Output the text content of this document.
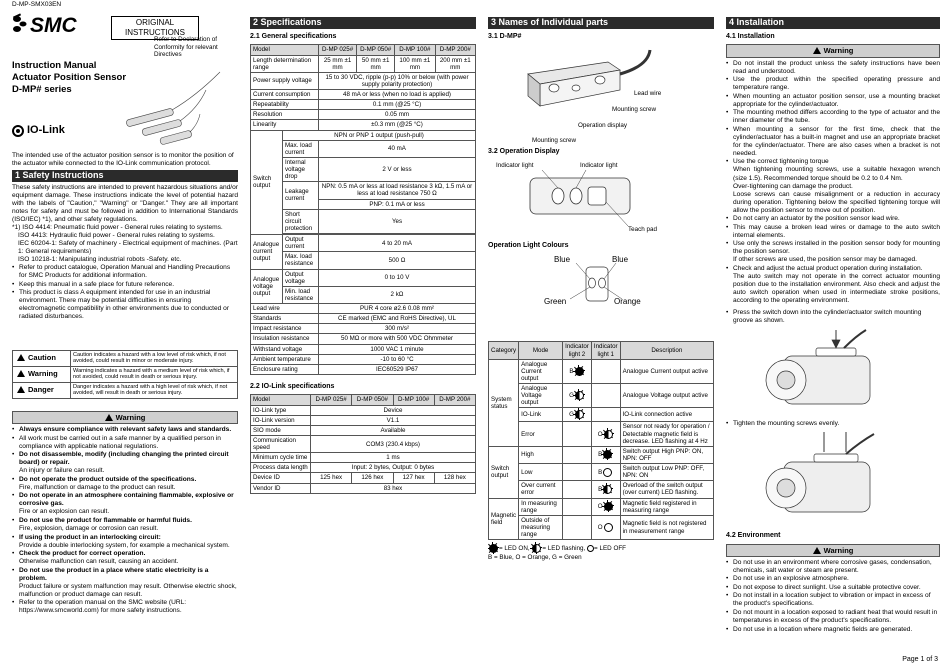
D-MP-SMX03EN
SMC	ORIGINAL INSTRUCTIONS
Refer to Declaration of Conformity for relevant Directives
Instruction Manual
Actuator Position Sensor
D-MP# series
IO-Link
The intended use of the actuator position sensor is to monitor the position of the actuator while connected to the IO-Link communication protocol.
1 Safety Instructions
These safety instructions are intended to prevent hazardous situations and/or equipment damage. These instructions indicate the level of potential hazard with the labels of "Caution," "Warning" or "Danger." They are all important notes for safety and must be followed in addition to International Standards (ISO/IEC) *1), and other safety regulations.
*1) ISO 4414: Pneumatic fluid power - General rules relating to systems.
ISO 4413: Hydraulic fluid power - General rules relating to systems.
IEC 60204-1: Safety of machinery - Electrical equipment of machines. (Part 1: General requirements)
ISO 10218-1: Manipulating industrial robots -Safety. etc.
• Refer to product catalogue, Operation Manual and Handling Precautions for SMC Products for additional information.
• Keep this manual in a safe place for future reference.
• This product is class A equipment intended for use in an industrial environment. There may be potential difficulties in ensuring electromagnetic compatibility in other environments due to conducted or radiated disturbances.
Caution	Caution indicates a hazard with a low level of risk which, if not avoided, could result in minor or moderate injury.
Warning	Warning indicates a hazard with a medium level of risk which, if not avoided, could result in death or serious injury.
Danger	Danger indicates a hazard with a high level of risk which, if not avoided, will result in death or serious injury.
Warning
• Always ensure compliance with relevant safety laws and standards.
• All work must be carried out in a safe manner by a qualified person in compliance with applicable national regulations.
• Do not disassemble, modify (including changing the printed circuit board) or repair.
An injury or failure can result.
• Do not operate the product outside of the specifications.
Fire, malfunction or damage to the product can result.
• Do not operate in an atmosphere containing flammable, explosive or corrosive gas.
Fire or an explosion can result.
• Do not use the product for flammable or harmful fluids.
Fire, explosion, damage or corrosion can result.
• If using the product in an interlocking circuit:
Provide a double interlocking system, for example a mechanical system.
• Check the product for correct operation.
Otherwise malfunction can result, causing an accident.
• Do not use the product in a place where static electricity is a problem.
Product failure or system malfunction may result. Otherwise electric shock, malfunction or product damage can result.
• Refer to the operation manual on the SMC website (URL: https://www.smcworld.com) for more safety instructions.
2 Specifications
2.1 General specifications
Model		D-MP 025#	D-MP 050#	D-MP 100#	D-MP 200#
Length determination range		25 mm ±1 mm	50 mm ±1 mm	100 mm ±1 mm	200 mm ±1 mm
Power supply voltage		15 to 30 VDC, ripple (p-p) 10% or below (with power supply polarity protection)			
Current consumption		48 mA or less (when no load is applied)			
Repeatability		0.1 mm (@25 °C)			
Resolution		0.05 mm			
Linearity		±0.3 mm (@25 °C)			
Switch output	NPN or PNP 1 output (push-pull)				
	Max. load current	40 mA			
	Internal voltage drop	2 V or less			
	Leakage current	NPN: 0.5 mA or less at load resistance 3 kΩ, 1.5 mA or less at load resistance 750 Ω			
		PNP: 0.1 mA or less			
	Short circuit protection	Yes			

Analogue current output	Output current	4 to 20 mA			
	Max. load resistance	500 Ω			
Analogue voltage output	Output voltage	0 to 10 V			
	Min. load resistance	2 kΩ			
Lead wire		PUR 4 core ø2.6 0.08 mm²			
Standards		CE marked (EMC and RoHS Directive), UL			
Impact resistance		300 m/s²			
Insulation resistance		50 MΩ or more with 500 VDC Ohmmeter			
Withstand voltage		1000 VAC 1 minute			
Ambient temperature		-10 to 60 °C			
Enclosure rating		IEC60529 IP67			
2.2 IO-Link specifications
Model	D-MP 025#	D-MP 050#	D-MP 100#	D-MP 200#
IO-Link type	Device			
IO-Link version	V1.1			
SIO mode	Available			
Communication speed	COM3 (230.4 kbps)			
Minimum cycle time	1 ms			
Process data length	Input: 2 bytes, Output: 0 bytes			
Device ID	125 hex	126 hex	127 hex	128 hex
Vendor ID	83 hex			
3 Names of Individual parts
3.1 D-MP#
Lead wire
Mounting screw
Operation display
Mounting screw
3.2 Operation Display
Indicator light	Indicator light
Teach pad
Operation Light Colours
Blue	Blue
Green	Orange
Category	Mode	Indicator light 2	Indicator light 1	Description
System status	Analogue Current output	B		Analogue Current output active
	Analogue Voltage output	G		Analogue Voltage output active
	IO-Link	G		IO-Link connection active
	Error		O	Sensor not ready for operation / Detectable magnetic field is decrease. LED flashing at 4 Hz
Switch output	High		B	Switch output High PNP: ON, NPN: OFF
	Low		B	Switch output Low PNP: OFF, NPN: ON
	Over current error		B	Overload of the switch output (over current) LED flashing.
Magnetic field	In measuring range		O	Magnetic field registered in measuring range
	Outside of measuring range		O	Magnetic field is not registered in measurement range
= LED ON, = LED flashing, = LED OFF
B = Blue, O = Orange, G = Green
4 Installation
4.1 Installation
Warning
• Do not install the product unless the safety instructions have been read and understood.
• Use the product within the specified operating pressure and temperature range.
• When mounting an actuator position sensor, use a mounting bracket appropriate for the cylinder/actuator.
• The mounting method differs according to the type of actuator and the inner diameter of the tube.
• When mounting a sensor for the first time, check that the cylinder/actuator has a built-in magnet and use an appropriate bracket for the cylinder/actuator. There are also cases when a bracket is not needed.
• Use the correct tightening torque
When tightening mounting screws, use a suitable hexagon wrench (size 1.5). Recommended torque should be 0.2 to 0.4 Nm.
Over-tightening can damage the product.
Loose screws can cause misalignment or a reduction in accuracy during operation. Tightening below the specified tightening torque will allow the position sensor to move out of position.
• Do not carry an actuator by the position sensor lead wire.
• This may cause a broken lead wires or damage to the auto switch internal elements.
• Use only the screws installed in the position sensor body for mounting the position sensor.
If other screws are used, the position sensor may be damaged.
• Check and adjust the actual product operation during installation.
The auto switch may not operate in the correct actuator mounting position due to the installation environment. Also check and adjust the auto switch operation when used in intermediate stroke positions, according to the operating environment.
• Press the switch down into the cylinder/actuator switch mounting groove as shown.
• Tighten the mounting screws evenly.
4.2 Environment
Warning
• Do not use in an environment where corrosive gases, condensation, chemicals, salt water or steam are present.
• Do not use in an explosive atmosphere.
• Do not expose to direct sunlight. Use a suitable protective cover.
• Do not install in a location subject to vibration or impact in excess of the product's specifications.
• Do not mount in a location exposed to radiant heat that would result in temperatures in excess of the product's specifications.
• Do not use in a location where magnetic fields are generated.
Page 1 of 3
